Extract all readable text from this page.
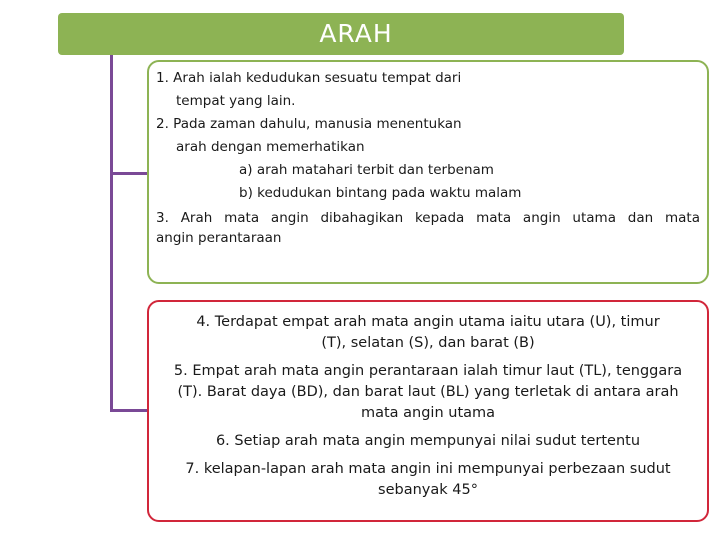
ARAH
1. Arah ialah kedudukan sesuatu tempat dari
tempat yang lain.
2. Pada zaman dahulu, manusia menentukan
arah dengan memerhatikan
a) arah matahari terbit dan terbenam
b) kedudukan bintang pada waktu malam
3. Arah mata angin dibahagikan kepada mata angin utama dan mata
angin perantaraan
4. Terdapat empat arah mata angin utama iaitu utara (U), timur
(T), selatan (S), dan barat (B)
5. Empat arah mata angin perantaraan ialah timur laut (TL), tenggara
(T). Barat daya (BD), dan barat laut (BL) yang terletak di antara arah
mata angin utama
6. Setiap arah mata angin mempunyai nilai sudut tertentu
7. kelapan-lapan arah mata angin ini mempunyai perbezaan sudut
sebanyak 45°
